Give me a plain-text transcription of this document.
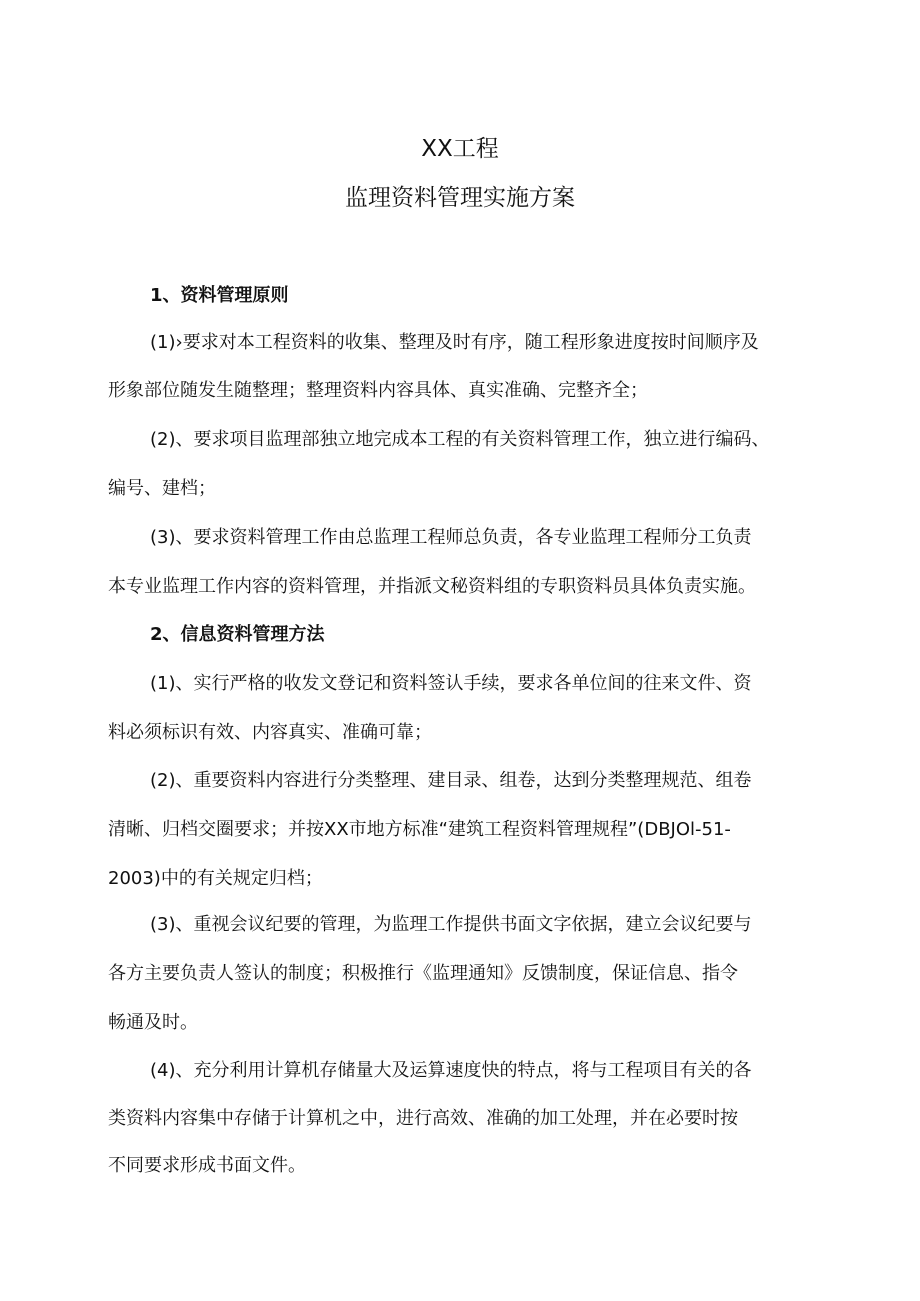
XX工程
监理资料管理实施方案
1、资料管理原则
(1)›要求对本工程资料的收集、整理及时有序，随工程形象进度按时间顺序及
形象部位随发生随整理；整理资料内容具体、真实准确、完整齐全；
(2)、要求项目监理部独立地完成本工程的有关资料管理工作，独立进行编码、
编号、建档；
(3)、要求资料管理工作由总监理工程师总负责，各专业监理工程师分工负责
本专业监理工作内容的资料管理，并指派文秘资料组的专职资料员具体负责实施。
2、信息资料管理方法
(1)、实行严格的收发文登记和资料签认手续，要求各单位间的往来文件、资
料必须标识有效、内容真实、准确可靠；
(2)、重要资料内容进行分类整理、建目录、组卷，达到分类整理规范、组卷
清晰、归档交圈要求；并按XX市地方标准“建筑工程资料管理规程”(DBJOl-51-
2003)中的有关规定归档；
(3)、重视会议纪要的管理，为监理工作提供书面文字依据，建立会议纪要与
各方主要负责人签认的制度；积极推行《监理通知》反馈制度，保证信息、指令
畅通及时。
(4)、充分利用计算机存储量大及运算速度快的特点，将与工程项目有关的各
类资料内容集中存储于计算机之中，进行高效、准确的加工处理，并在必要时按
不同要求形成书面文件。
